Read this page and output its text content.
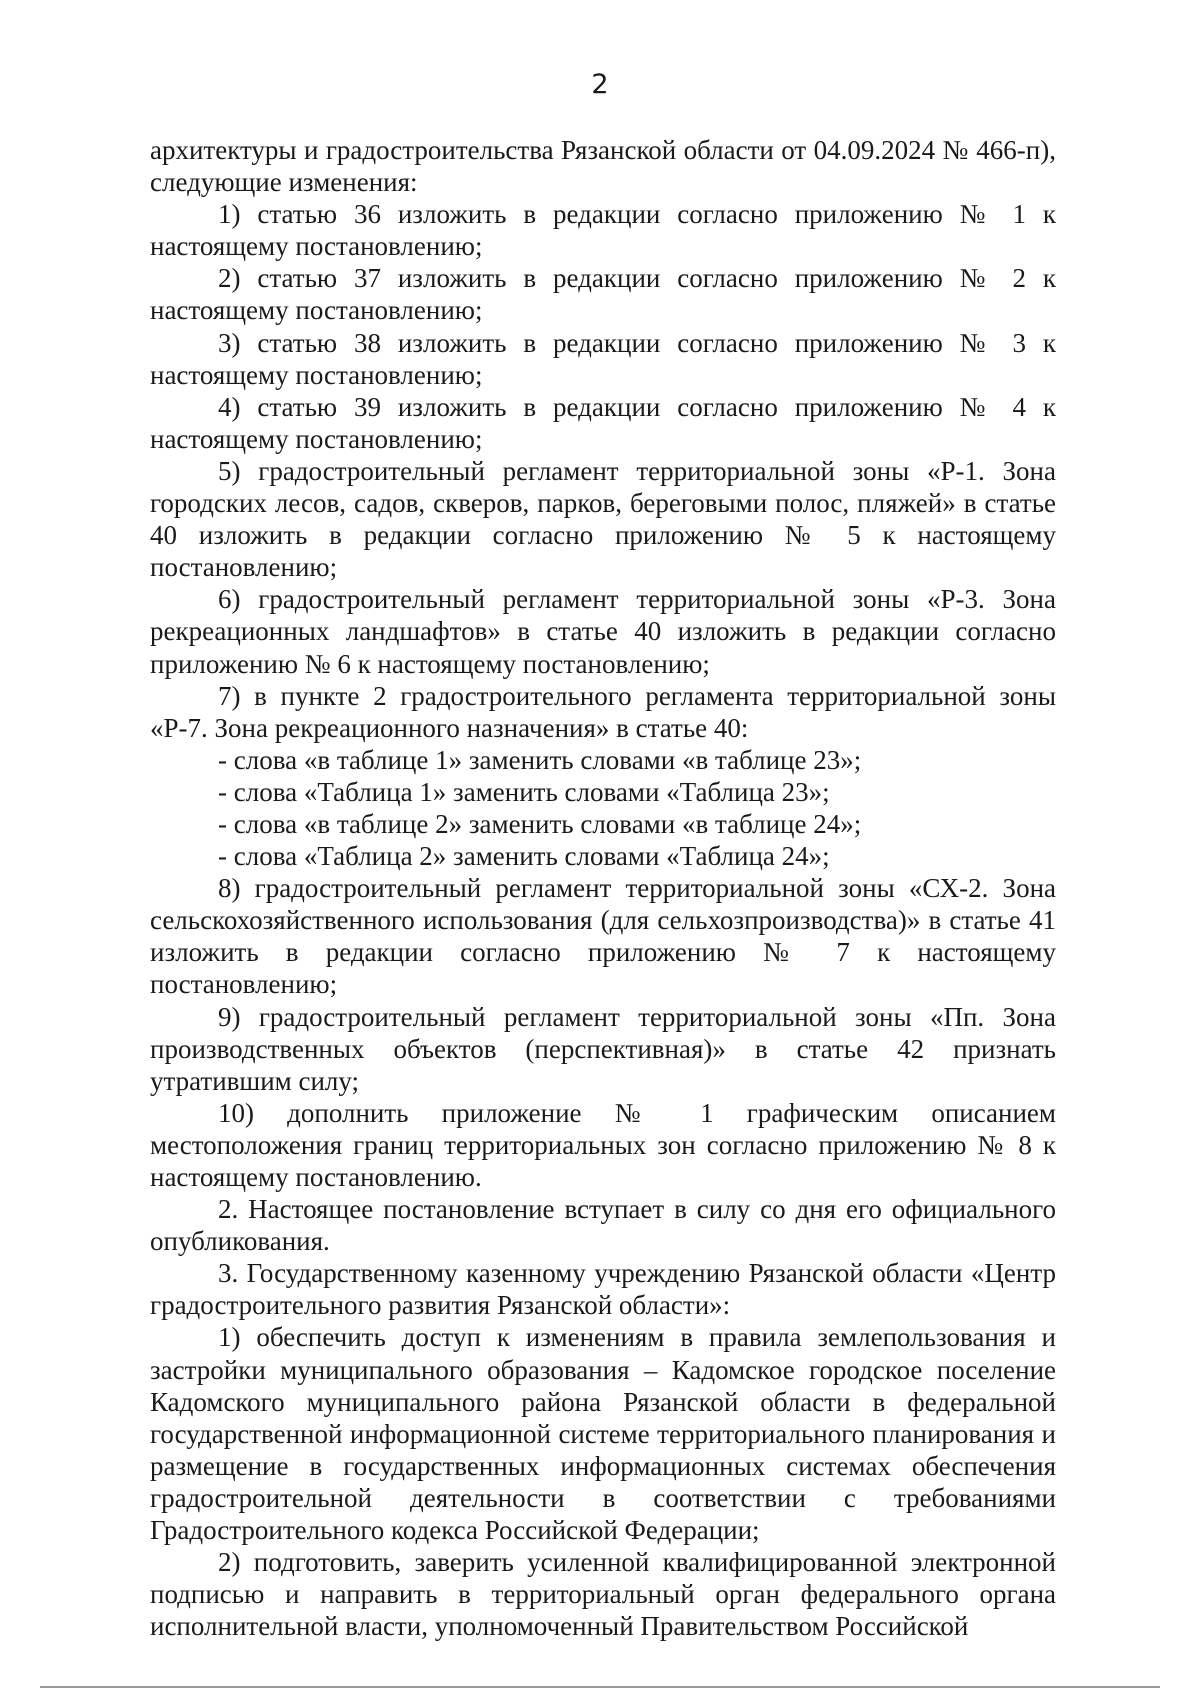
2

архитектуры и градостроительства Рязанской области от 04.09.2024 № 466-п), следующие изменения:

1) статью 36 изложить в редакции согласно приложению № 1 к настоящему постановлению;

2) статью 37 изложить в редакции согласно приложению № 2 к настоящему постановлению;

3) статью 38 изложить в редакции согласно приложению № 3 к настоящему постановлению;

4) статью 39 изложить в редакции согласно приложению № 4 к настоящему постановлению;

5) градостроительный регламент территориальной зоны «Р-1. Зона городских лесов, садов, скверов, парков, береговыми полос, пляжей» в статье 40 изложить в редакции согласно приложению № 5 к настоящему постановлению;

6) градостроительный регламент территориальной зоны «Р-3. Зона рекреационных ландшафтов» в статье 40 изложить в редакции согласно приложению № 6 к настоящему постановлению;

7) в пункте 2 градостроительного регламента территориальной зоны «Р-7. Зона рекреационного назначения» в статье 40:

- слова «в таблице 1» заменить словами «в таблице 23»;

- слова «Таблица 1» заменить словами «Таблица 23»;

- слова «в таблице 2» заменить словами «в таблице 24»;

- слова «Таблица 2» заменить словами «Таблица 24»;

8) градостроительный регламент территориальной зоны «СХ-2. Зона сельскохозяйственного использования (для сельхозпроизводства)» в статье 41 изложить в редакции согласно приложению № 7 к настоящему постановлению;

9) градостроительный регламент территориальной зоны «Пп. Зона производственных объектов (перспективная)» в статье 42 признать утратившим силу;

10) дополнить приложение № 1 графическим описанием местоположения границ территориальных зон согласно приложению № 8 к настоящему постановлению.

2. Настоящее постановление вступает в силу со дня его официального опубликования.

3. Государственному казенному учреждению Рязанской области «Центр градостроительного развития Рязанской области»:

1) обеспечить доступ к изменениям в правила землепользования и застройки муниципального образования – Кадомское городское поселение Кадомского муниципального района Рязанской области в федеральной государственной информационной системе территориального планирования и размещение в государственных информационных системах обеспечения градостроительной деятельности в соответствии с требованиями Градостроительного кодекса Российской Федерации;

2) подготовить, заверить усиленной квалифицированной электронной подписью и направить в территориальный орган федерального органа исполнительной власти, уполномоченный Правительством Российской
